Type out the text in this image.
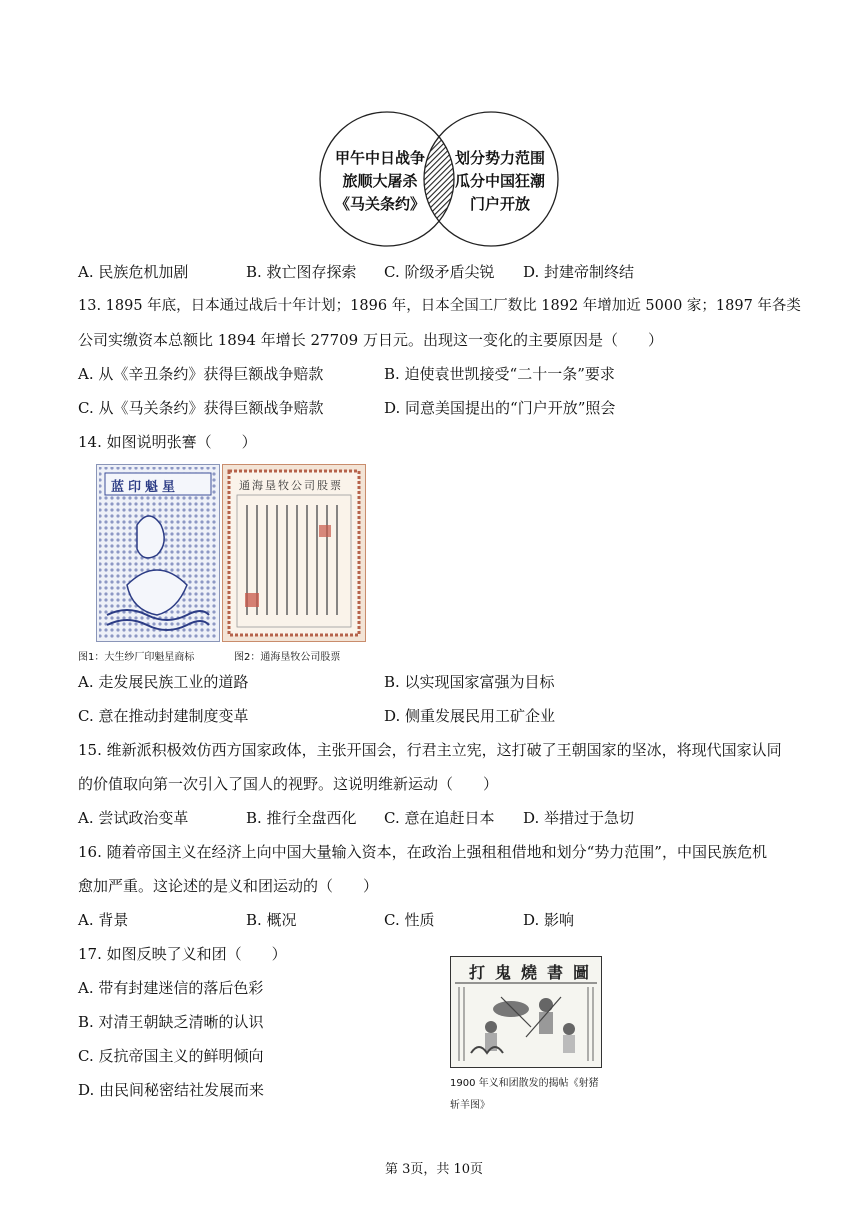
甲午中日战争
旅顺大屠杀
《马关条约》
划分势力范围
瓜分中国狂潮
门户开放
A. 民族危机加剧	B. 救亡图存探索 C. 阶级矛盾尖锐 D. 封建帝制终结
13. 1895 年底，日本通过战后十年计划；1896 年，日本全国工厂数比 1892 年增加近 5000 家；1897 年各类
公司实缴资本总额比 1894 年增长 27709 万日元。出现这一变化的主要原因是（　　）
A. 从《辛丑条约》获得巨额战争赔款	B. 迫使袁世凯接受“二十一条”要求
C. 从《马关条约》获得巨额战争赔款	D. 同意美国提出的“门户开放”照会
14. 如图说明张謇（　　）
蓝印魁星	通海垦牧公司股票
图1：大生纱厂印魁星商标	图2：通海垦牧公司股票
A. 走发展民族工业的道路	B. 以实现国家富强为目标
C. 意在推动封建制度变革	D. 侧重发展民用工矿企业
15. 维新派积极效仿西方国家政体，主张开国会，行君主立宪，这打破了王朝国家的坚冰，将现代国家认同
的价值取向第一次引入了国人的视野。这说明维新运动（　　）
A. 尝试政治变革	B. 推行全盘西化 C. 意在追赶日本 D. 举措过于急切
16. 随着帝国主义在经济上向中国大量输入资本，在政治上强租租借地和划分“势力范围”，中国民族危机
愈加严重。这论述的是义和团运动的（　　）
A. 背景	B. 概况	C. 性质	D. 影响
17. 如图反映了义和团（　　）
A. 带有封建迷信的落后色彩
B. 对清王朝缺乏清晰的认识
C. 反抗帝国主义的鲜明倾向
D. 由民间秘密结社发展而来
打鬼燒書圖
1900 年义和团散发的揭帖《射猪
斩羊图》
第 3页，共 10页
